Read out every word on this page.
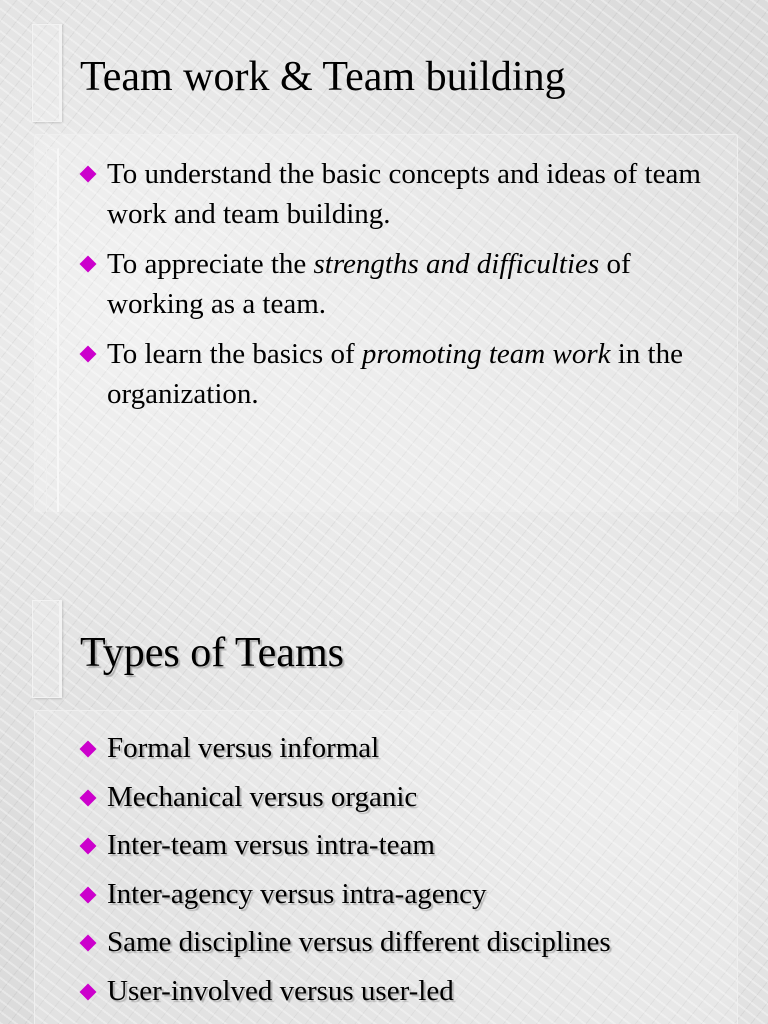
Team work & Team building
To understand the basic concepts and ideas of team work and team building.
To appreciate the strengths and difficulties of working as a team.
To learn the basics of promoting team work in the organization.
Types of Teams
Formal versus informal
Mechanical versus organic
Inter-team versus intra-team
Inter-agency versus intra-agency
Same discipline versus different disciplines
User-involved versus user-led
